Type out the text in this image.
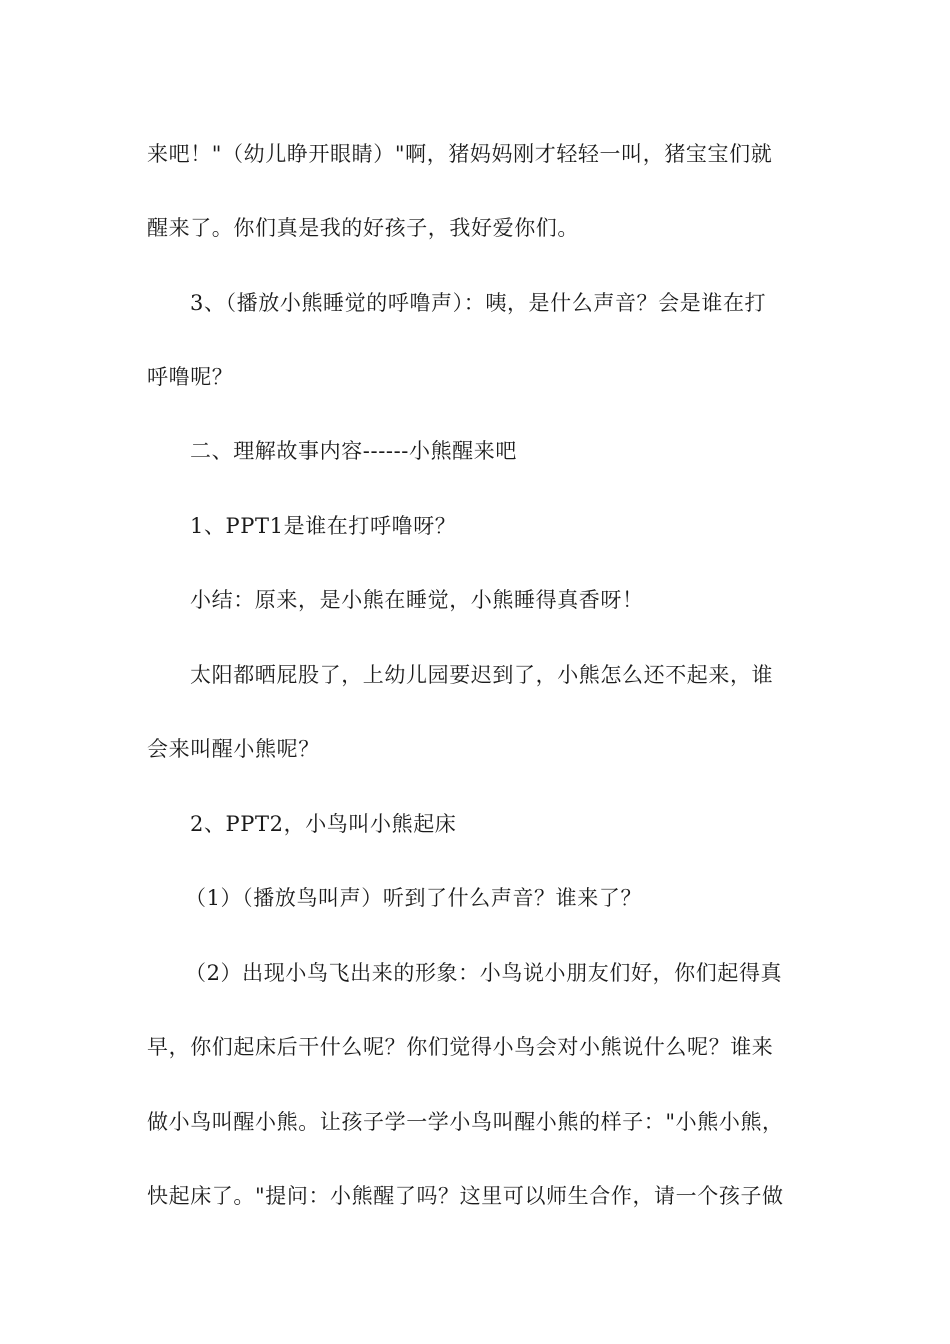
来吧！"（幼儿睁开眼睛）"啊，猪妈妈刚才轻轻一叫，猪宝宝们就
醒来了。你们真是我的好孩子，我好爱你们。
3、（播放小熊睡觉的呼噜声）：咦，是什么声音？会是谁在打
呼噜呢？
二、理解故事内容------小熊醒来吧
1、PPT1是谁在打呼噜呀？
小结：原来，是小熊在睡觉，小熊睡得真香呀！
太阳都晒屁股了，上幼儿园要迟到了，小熊怎么还不起来，谁
会来叫醒小熊呢？
2、PPT2，小鸟叫小熊起床
（1）（播放鸟叫声）听到了什么声音？谁来了？
（2）出现小鸟飞出来的形象：小鸟说小朋友们好，你们起得真
早，你们起床后干什么呢？你们觉得小鸟会对小熊说什么呢？谁来
做小鸟叫醒小熊。让孩子学一学小鸟叫醒小熊的样子："小熊小熊，
快起床了。"提问：小熊醒了吗？这里可以师生合作，请一个孩子做
